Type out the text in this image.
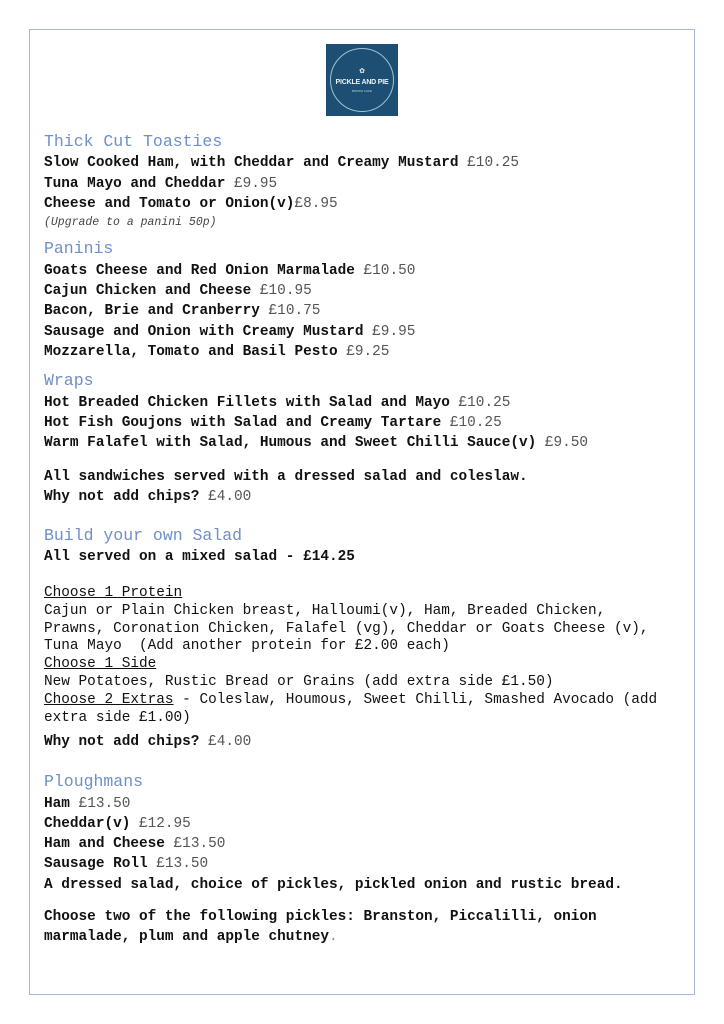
✿
PICKLE AND PIE
BISTRO CAFE
Thick Cut Toasties
Slow Cooked Ham, with Cheddar and Creamy Mustard £10.25
Tuna Mayo and Cheddar £9.95
Cheese and Tomato or Onion(v)£8.95
(Upgrade to a panini 50p)
Paninis
Goats Cheese and Red Onion Marmalade £10.50
Cajun Chicken and Cheese £10.95
Bacon, Brie and Cranberry £10.75
Sausage and Onion with Creamy Mustard £9.95
Mozzarella, Tomato and Basil Pesto £9.25
Wraps
Hot Breaded Chicken Fillets with Salad and Mayo £10.25
Hot Fish Goujons with Salad and Creamy Tartare £10.25
Warm Falafel with Salad, Humous and Sweet Chilli Sauce(v) £9.50
All sandwiches served with a dressed salad and coleslaw.
Why not add chips? £4.00
Build your own Salad
All served on a mixed salad - £14.25
Choose 1 Protein
Cajun or Plain Chicken breast, Halloumi(v), Ham, Breaded Chicken,
Prawns, Coronation Chicken, Falafel (vg), Cheddar or Goats Cheese (v),
Tuna Mayo  (Add another protein for £2.00 each)
Choose 1 Side
New Potatoes, Rustic Bread or Grains (add extra side £1.50)
Choose 2 Extras - Coleslaw, Houmous, Sweet Chilli, Smashed Avocado (add
extra side £1.00)
Why not add chips? £4.00
Ploughmans
Ham £13.50
Cheddar(v) £12.95
Ham and Cheese £13.50
Sausage Roll £13.50
A dressed salad, choice of pickles, pickled onion and rustic bread.
Choose two of the following pickles: Branston, Piccalilli, onion
marmalade, plum and apple chutney.
